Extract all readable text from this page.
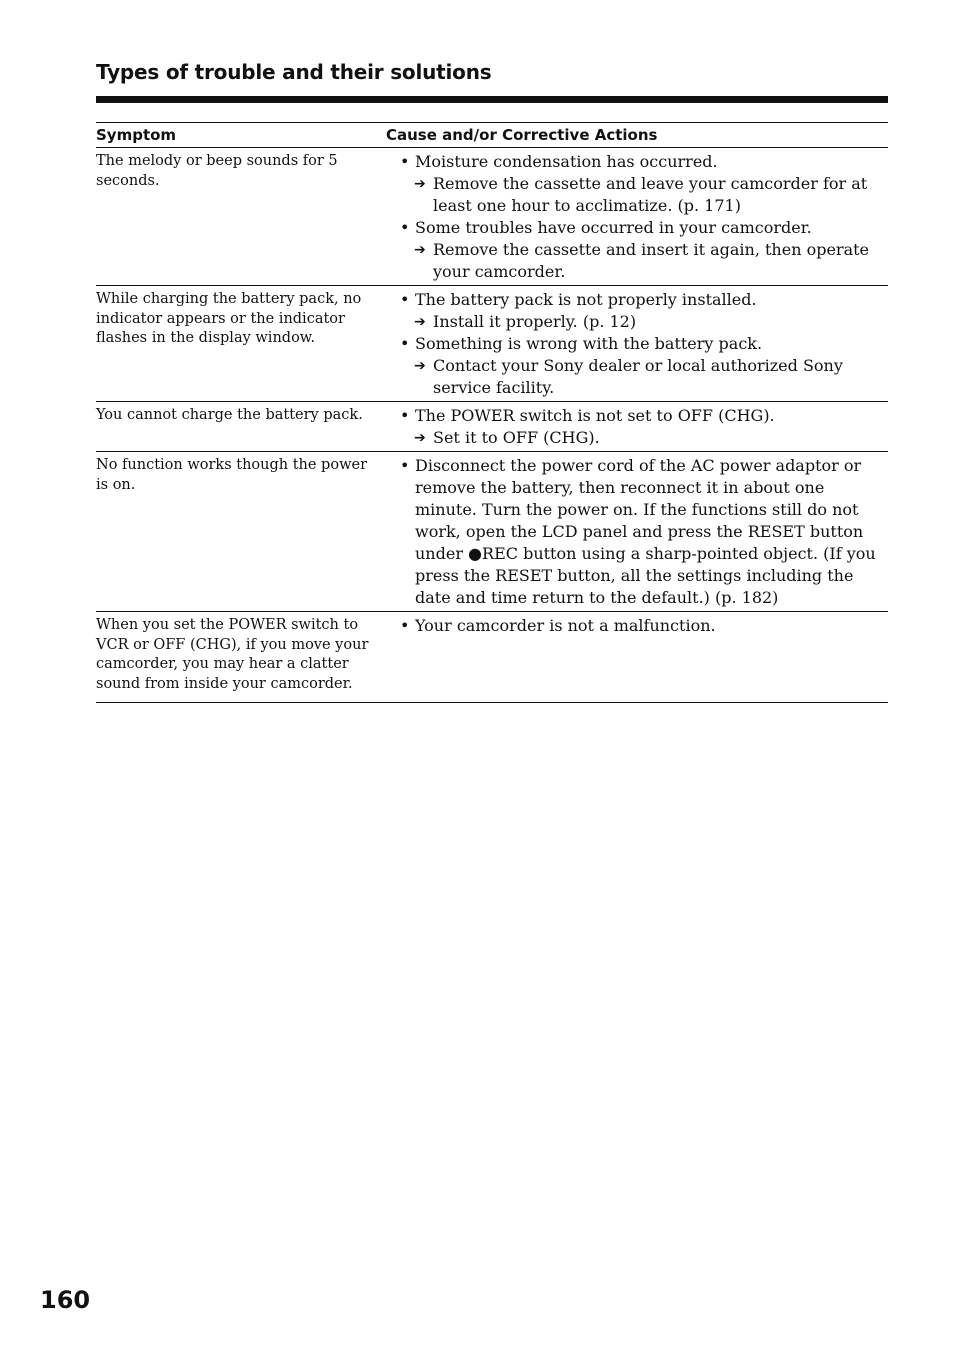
Types of trouble and their solutions
Symptom	Cause and/or Corrective Actions
The melody or beep sounds for 5 seconds.
• Moisture condensation has occurred.
➔ Remove the cassette and leave your camcorder for at least one hour to acclimatize. (p. 171)
• Some troubles have occurred in your camcorder.
➔ Remove the cassette and insert it again, then operate your camcorder.
While charging the battery pack, no indicator appears or the indicator flashes in the display window.
• The battery pack is not properly installed.
➔ Install it properly. (p. 12)
• Something is wrong with the battery pack.
➔ Contact your Sony dealer or local authorized Sony service facility.
You cannot charge the battery pack.	• The POWER switch is not set to OFF (CHG).
➔ Set it to OFF (CHG).
No function works though the power is on.
• Disconnect the power cord of the AC power adaptor or remove the battery, then reconnect it in about one minute. Turn the power on. If the functions still do not work, open the LCD panel and press the RESET button under ●REC button using a sharp-pointed object. (If you press the RESET button, all the settings including the date and time return to the default.) (p. 182)
When you set the POWER switch to VCR or OFF (CHG), if you move your camcorder, you may hear a clatter sound from inside your camcorder.
• Your camcorder is not a malfunction.
160
